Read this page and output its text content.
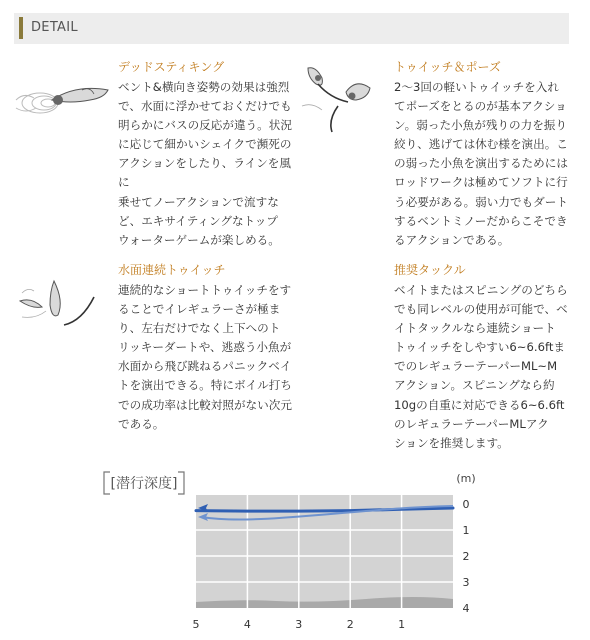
DETAIL
デッドスティキング
ベント&横向き姿勢の効果は強烈
で、水面に浮かせておくだけでも
明らかにバスの反応が違う。状況
に応じて細かいシェイクで瀕死の
アクションをしたり、ラインを風に
乗せてノーアクションで流すな
ど、エキサイティングなトップ
ウォーターゲームが楽しめる。
トゥイッチ＆ポーズ
2～3回の軽いトゥイッチを入れ
てポーズをとるのが基本アクショ
ン。弱った小魚が残りの力を振り
絞り、逃げては休む様を演出。こ
の弱った小魚を演出するためには
ロッドワークは極めてソフトに行
う必要がある。弱い力でもダート
するベントミノーだからこそでき
るアクションである。
水面連続トゥイッチ
連続的なショートトゥイッチをす
ることでイレギュラーさが極ま
り、左右だけでなく上下へのト
リッキーダートや、逃惑う小魚が
水面から飛び跳ねるパニックベイ
トを演出できる。特にボイル打ち
での成功率は比較対照がない次元
である。
推奨タックル
ベイトまたはスピニングのどちら
でも同レベルの使用が可能で、ベ
イトタックルなら連続ショート
トゥイッチをしやすい6~6.6ftま
でのレギュラーテーパーML~M
アクション。スピニングなら約
10gの自重に対応できる6~6.6ft
のレギュラーテーパーMLアク
ションを推奨します。
[潜行深度]	(m)
0
1
2
3
4
5	4	3	2	1
